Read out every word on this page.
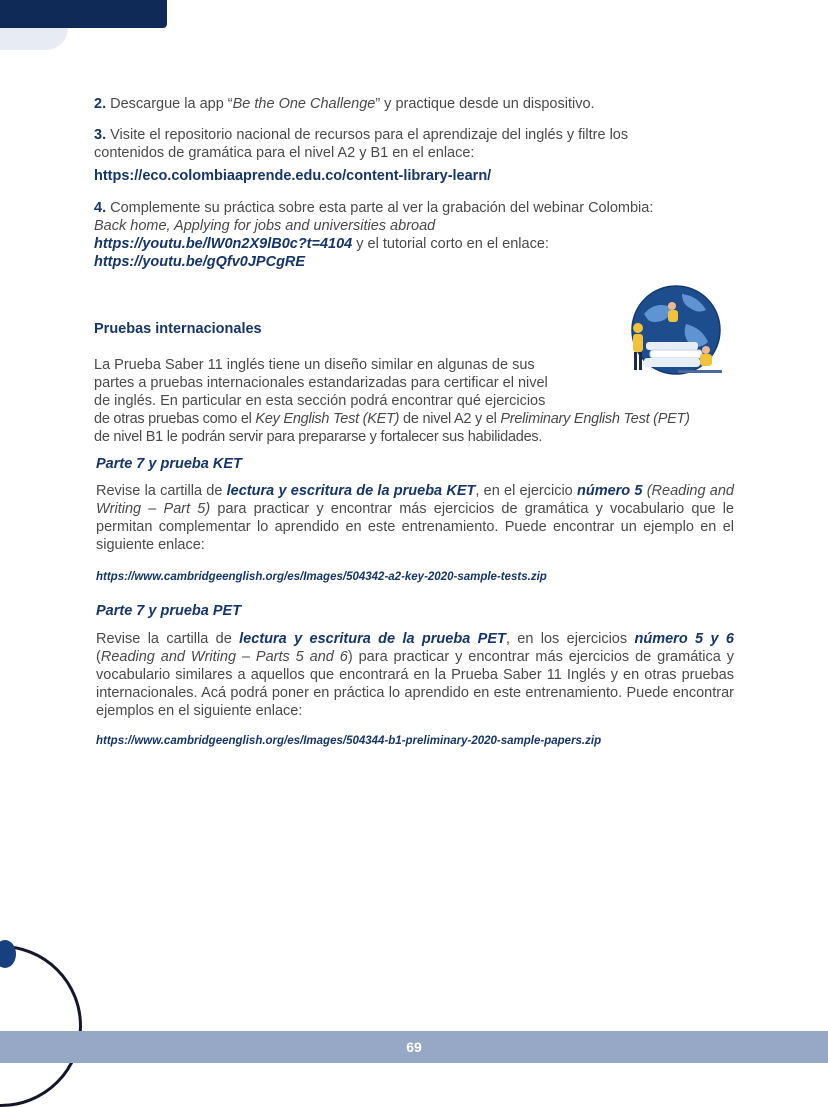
2. Descargue la app “Be the One Challenge” y practique desde un dispositivo.

3. Visite el repositorio nacional de recursos para el aprendizaje del inglés y filtre los
contenidos de gramática para el nivel A2 y B1 en el enlace:

https://eco.colombiaaprende.edu.co/content-library-learn/

4. Complemente su práctica sobre esta parte al ver la grabación del webinar Colombia:
Back home, Applying for jobs and universities abroad
https://youtu.be/lW0n2X9lB0c?t=4104 y el tutorial corto en el enlace:
https://youtu.be/gQfv0JPCgRE

Pruebas internacionales

La Prueba Saber 11 inglés tiene un diseño similar en algunas de sus
partes a pruebas internacionales estandarizadas para certificar el nivel
de inglés. En particular en esta sección podrá encontrar qué ejercicios

de otras pruebas como el Key English Test (KET) de nivel A2 y el Preliminary English Test (PET)
de nivel B1 le podrán servir para prepararse y fortalecer sus habilidades.

Parte 7 y prueba KET

Revise la cartilla de lectura y escritura de la prueba KET, en el ejercicio número 5 (Reading and Writing – Part 5) para practicar y encontrar más ejercicios de gramática y vocabulario que le permitan complementar lo aprendido en este entrenamiento. Puede encontrar un ejemplo en el siguiente enlace:

https://www.cambridgeenglish.org/es/Images/504342-a2-key-2020-sample-tests.zip

Parte 7 y prueba PET

Revise la cartilla de lectura y escritura de la prueba PET, en los ejercicios número 5 y 6 (Reading and Writing – Parts 5 and 6) para practicar y encontrar más ejercicios de gramática y vocabulario similares a aquellos que encontrará en la Prueba Saber 11 Inglés y en otras pruebas internacionales. Acá podrá poner en práctica lo aprendido en este entrenamiento. Puede encontrar ejemplos en el siguiente enlace:

https://www.cambridgeenglish.org/es/Images/504344-b1-preliminary-2020-sample-papers.zip

69
